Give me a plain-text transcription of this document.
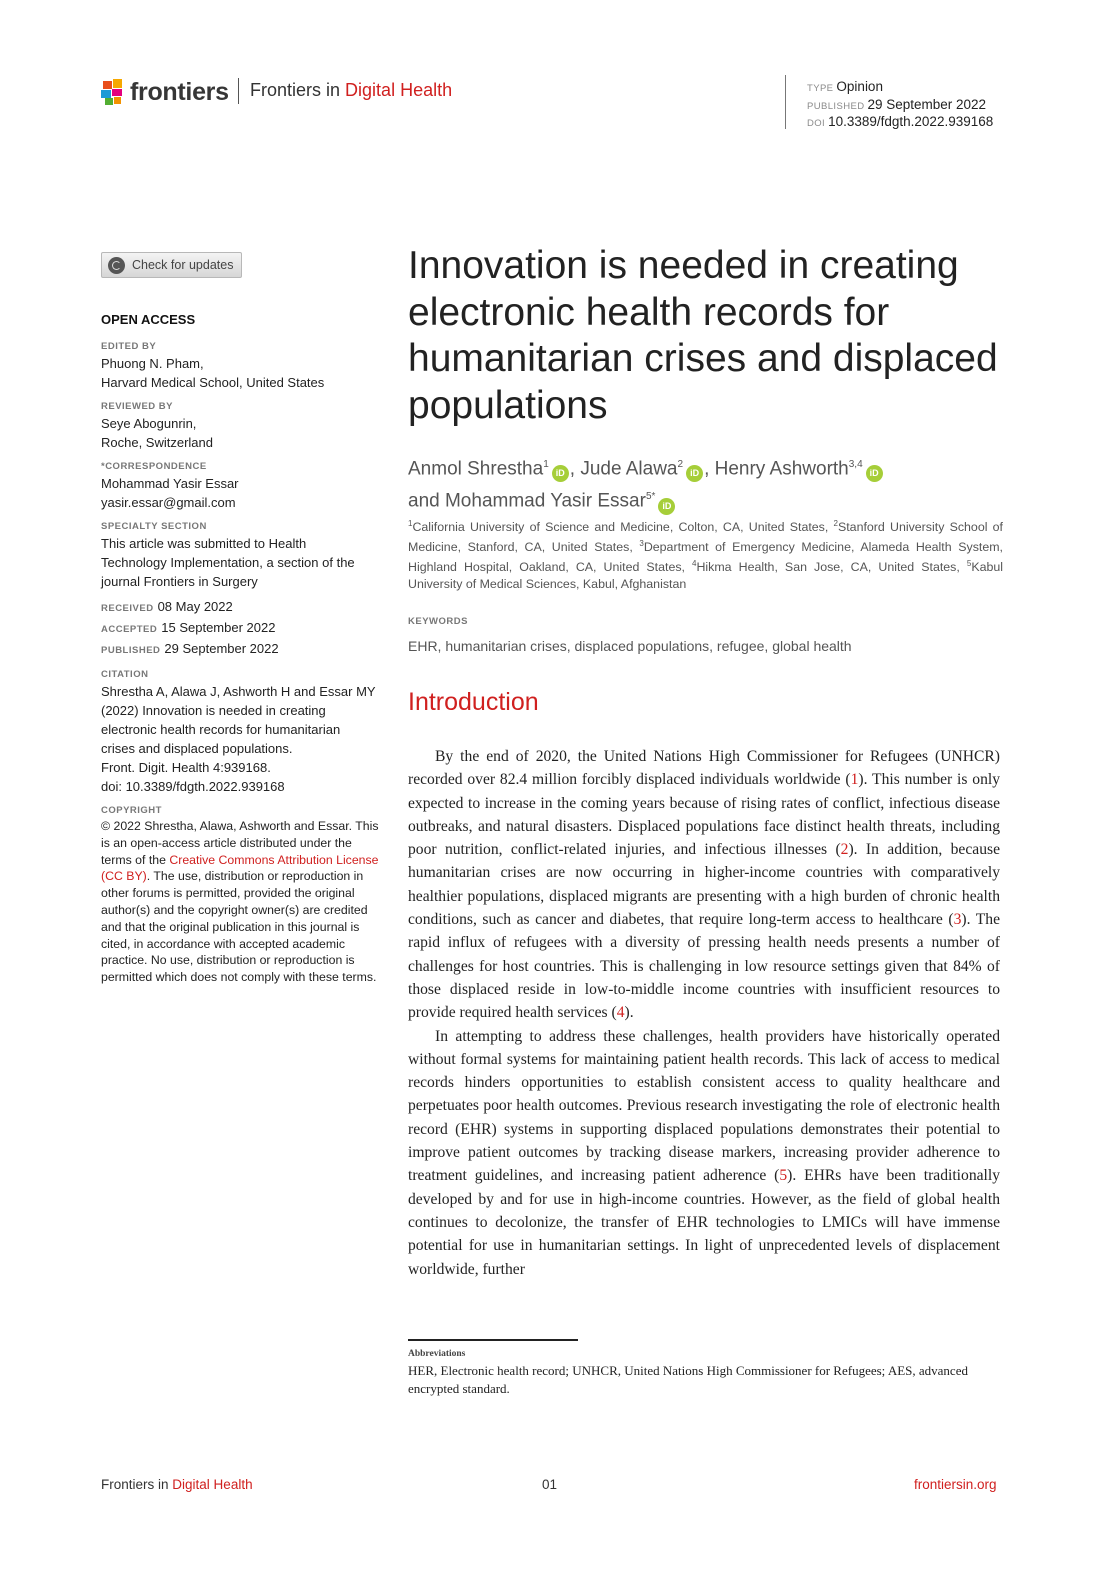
frontiers Frontiers in Digital Health	TYPE Opinion
PUBLISHED 29 September 2022
DOI 10.3389/fdgth.2022.939168
Check for updates
OPEN ACCESS
EDITED BY
Phuong N. Pham,
Harvard Medical School, United States
REVIEWED BY
Seye Abogunrin,
Roche, Switzerland
*CORRESPONDENCE
Mohammad Yasir Essar
yasir.essar@gmail.com
SPECIALTY SECTION
This article was submitted to Health
Technology Implementation, a section of the
journal Frontiers in Surgery
RECEIVED 08 May 2022
ACCEPTED 15 September 2022
PUBLISHED 29 September 2022
CITATION
Shrestha A, Alawa J, Ashworth H and Essar MY
(2022) Innovation is needed in creating
electronic health records for humanitarian
crises and displaced populations.
Front. Digit. Health 4:939168.
doi: 10.3389/fdgth.2022.939168
COPYRIGHT
© 2022 Shrestha, Alawa, Ashworth and Essar. This is an open-access article distributed under the terms of the Creative Commons Attribution License (CC BY). The use, distribution or reproduction in other forums is permitted, provided the original author(s) and the copyright owner(s) are credited and that the original publication in this journal is cited, in accordance with accepted academic practice. No use, distribution or reproduction is permitted which does not comply with these terms.
Innovation is needed in creating electronic health records for humanitarian crises and displaced populations
Anmol Shrestha$^1$iD , Jude Alawa$^2$iD , Henry Ashworth$^{3,4}$iD
and Mohammad Yasir Essar$^{5*}$iD
$^1$California University of Science and Medicine, Colton, CA, United States, $^2$Stanford University School of Medicine, Stanford, CA, United States, $^3$Department of Emergency Medicine, Alameda Health System, Highland Hospital, Oakland, CA, United States, $^4$Hikma Health, San Jose, CA, United States, $^5$Kabul University of Medical Sciences, Kabul, Afghanistan
KEYWORDS
EHR, humanitarian crises, displaced populations, refugee, global health
Introduction

By the end of 2020, the United Nations High Commissioner for Refugees (UNHCR) recorded over 82.4 million forcibly displaced individuals worldwide (1). This number is only expected to increase in the coming years because of rising rates of conflict, infectious disease outbreaks, and natural disasters. Displaced populations face distinct health threats, including poor nutrition, conflict-related injuries, and infectious illnesses (2). In addition, because humanitarian crises are now occurring in higher-income countries with comparatively healthier populations, displaced migrants are presenting with a high burden of chronic health conditions, such as cancer and diabetes, that require long-term access to healthcare (3). The rapid influx of refugees with a diversity of pressing health needs presents a number of challenges for host countries. This is challenging in low resource settings given that 84% of those displaced reside in low-to-middle income countries with insufficient resources to provide required health services (4).

In attempting to address these challenges, health providers have historically operated without formal systems for maintaining patient health records. This lack of access to medical records hinders opportunities to establish consistent access to quality healthcare and perpetuates poor health outcomes. Previous research investigating the role of electronic health record (EHR) systems in supporting displaced populations demonstrates their potential to improve patient outcomes by tracking disease markers, increasing provider adherence to treatment guidelines, and increasing patient adherence (5). EHRs have been traditionally developed by and for use in high-income countries. However, as the field of global health continues to decolonize, the transfer of EHR technologies to LMICs will have immense potential for use in humanitarian settings. In light of unprecedented levels of displacement worldwide, further

Abbreviations
HER, Electronic health record; UNHCR, United Nations High Commissioner for Refugees; AES, advanced encrypted standard.
Frontiers in Digital Health	01	frontiersin.org
